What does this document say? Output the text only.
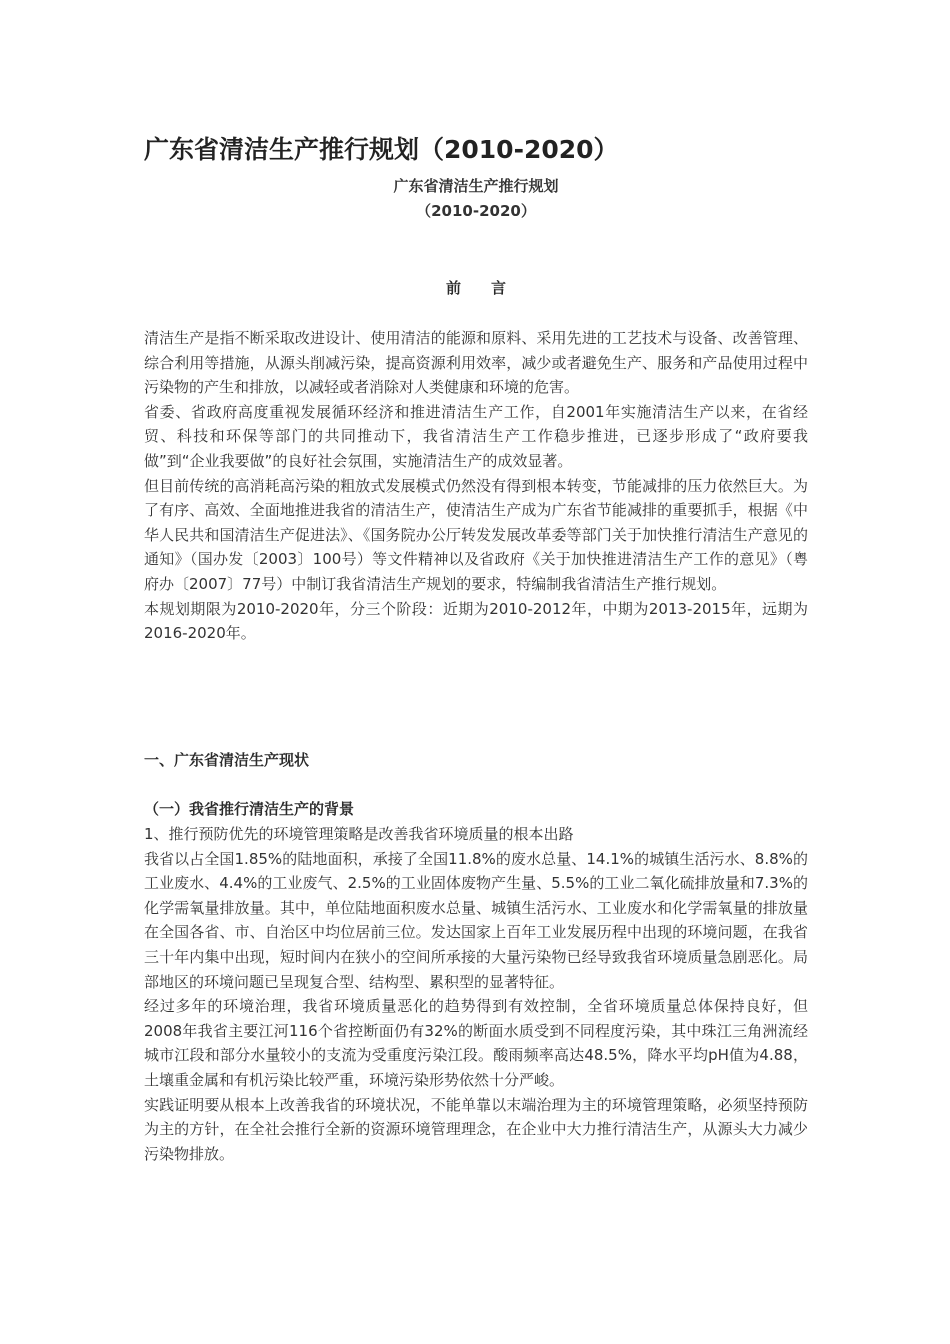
广东省清洁生产推行规划（2010-2020）
广东省清洁生产推行规划
（2010-2020）
前　　言

清洁生产是指不断采取改进设计、使用清洁的能源和原料、采用先进的工艺技术与设备、改善管理、综合利用等措施，从源头削减污染，提高资源利用效率，减少或者避免生产、服务和产品使用过程中污染物的产生和排放，以减轻或者消除对人类健康和环境的危害。

省委、省政府高度重视发展循环经济和推进清洁生产工作，自2001年实施清洁生产以来，在省经贸、科技和环保等部门的共同推动下，我省清洁生产工作稳步推进，已逐步形成了“政府要我做”到“企业我要做”的良好社会氛围，实施清洁生产的成效显著。

但目前传统的高消耗高污染的粗放式发展模式仍然没有得到根本转变，节能减排的压力依然巨大。为了有序、高效、全面地推进我省的清洁生产，使清洁生产成为广东省节能减排的重要抓手，根据《中华人民共和国清洁生产促进法》、《国务院办公厅转发发展改革委等部门关于加快推行清洁生产意见的通知》（国办发〔2003〕100号）等文件精神以及省政府《关于加快推进清洁生产工作的意见》（粤府办〔2007〕77号）中制订我省清洁生产规划的要求，特编制我省清洁生产推行规划。

本规划期限为2010-2020年，分三个阶段：近期为2010-2012年，中期为2013-2015年，远期为2016-2020年。

一、广东省清洁生产现状
（一）我省推行清洁生产的背景

1、推行预防优先的环境管理策略是改善我省环境质量的根本出路

我省以占全国1.85%的陆地面积，承接了全国11.8%的废水总量、14.1%的城镇生活污水、8.8%的工业废水、4.4%的工业废气、2.5%的工业固体废物产生量、5.5%的工业二氧化硫排放量和7.3%的化学需氧量排放量。其中，单位陆地面积废水总量、城镇生活污水、工业废水和化学需氧量的排放量在全国各省、市、自治区中均位居前三位。发达国家上百年工业发展历程中出现的环境问题，在我省三十年内集中出现，短时间内在狭小的空间所承接的大量污染物已经导致我省环境质量急剧恶化。局部地区的环境问题已呈现复合型、结构型、累积型的显著特征。

经过多年的环境治理，我省环境质量恶化的趋势得到有效控制，全省环境质量总体保持良好，但2008年我省主要江河116个省控断面仍有32%的断面水质受到不同程度污染，其中珠江三角洲流经城市江段和部分水量较小的支流为受重度污染江段。酸雨频率高达48.5%，降水平均pH值为4.88，土壤重金属和有机污染比较严重，环境污染形势依然十分严峻。

实践证明要从根本上改善我省的环境状况，不能单靠以末端治理为主的环境管理策略，必须坚持预防为主的方针，在全社会推行全新的资源环境管理理念，在企业中大力推行清洁生产，从源头大力减少污染物排放。
